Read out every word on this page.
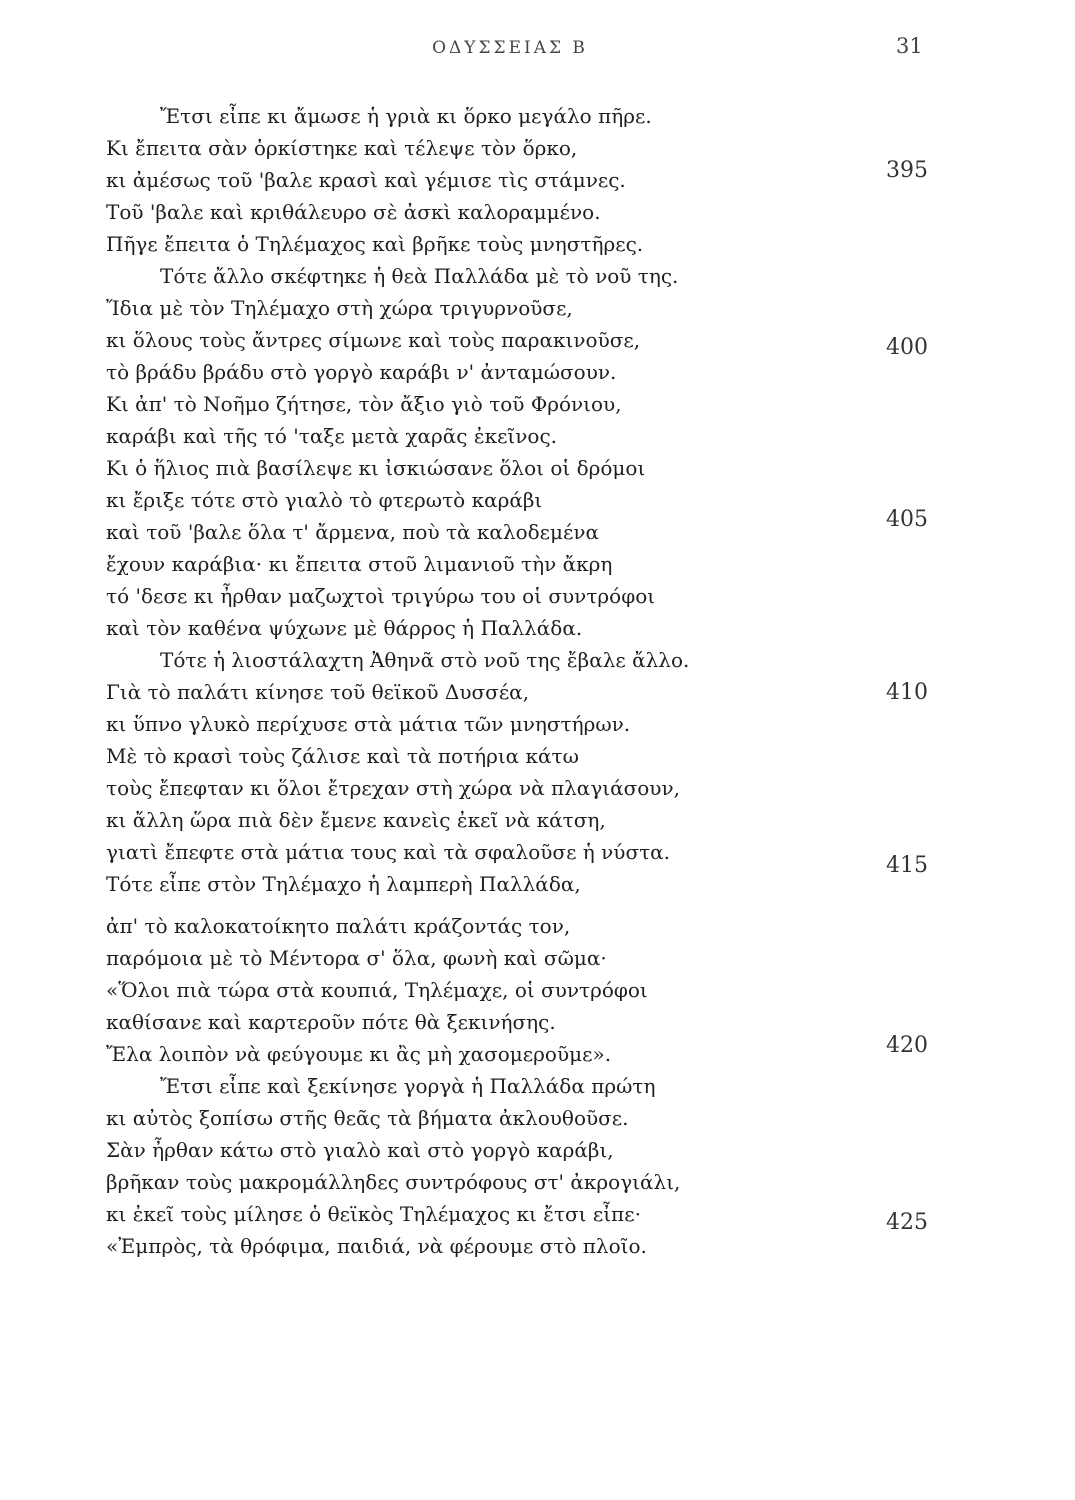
ΟΔΥΣΣΕΙΑΣ Β	31
Ἔτσι εἶπε κι ἄμωσε ἡ γριὰ κι ὅρκο μεγάλο πῆρε.
Κι ἔπειτα σὰν ὁρκίστηκε καὶ τέλεψε τὸν ὅρκο,
κι ἀμέσως τοῦ 'βαλε κρασὶ καὶ γέμισε τὶς στάμνες.
Τοῦ 'βαλε καὶ κριθάλευρο σὲ ἀσκὶ καλοραμμένο.
Πῆγε ἔπειτα ὁ Τηλέμαχος καὶ βρῆκε τοὺς μνηστῆρες.
Τότε ἄλλο σκέφτηκε ἡ θεὰ Παλλάδα μὲ τὸ νοῦ της.
Ἴδια μὲ τὸν Τηλέμαχο στὴ χώρα τριγυρνοῦσε,
κι ὅλους τοὺς ἄντρες σίμωνε καὶ τοὺς παρακινοῦσε,
τὸ βράδυ βράδυ στὸ γοργὸ καράβι ν' ἀνταμώσουν.
Κι ἀπ' τὸ Νοῆμο ζήτησε, τὸν ἄξιο γιὸ τοῦ Φρόνιου,
καράβι καὶ τῆς τό 'ταξε μετὰ χαρᾶς ἐκεῖνος.
Κι ὁ ἥλιος πιὰ βασίλεψε κι ἰσκιώσανε ὅλοι οἱ δρόμοι
κι ἔριξε τότε στὸ γιαλὸ τὸ φτερωτὸ καράβι
καὶ τοῦ 'βαλε ὅλα τ' ἄρμενα, ποὺ τὰ καλοδεμένα
ἔχουν καράβια· κι ἔπειτα στοῦ λιμανιοῦ τὴν ἄκρη
τό 'δεσε κι ἦρθαν μαζωχτοὶ τριγύρω του οἱ συντρόφοι
καὶ τὸν καθένα ψύχωνε μὲ θάρρος ἡ Παλλάδα.
Τότε ἡ λιοστάλαχτη Ἀθηνᾶ στὸ νοῦ της ἔβαλε ἄλλο.
Γιὰ τὸ παλάτι κίνησε τοῦ θεϊκοῦ Δυσσέα,
κι ὕπνο γλυκὸ περίχυσε στὰ μάτια τῶν μνηστήρων.
Μὲ τὸ κρασὶ τοὺς ζάλισε καὶ τὰ ποτήρια κάτω
τοὺς ἔπεφταν κι ὅλοι ἔτρεχαν στὴ χώρα νὰ πλαγιάσουν,
κι ἄλλη ὥρα πιὰ δὲν ἔμενε κανεὶς ἐκεῖ νὰ κάτση,
γιατὶ ἔπεφτε στὰ μάτια τους καὶ τὰ σφαλοῦσε ἡ νύστα.
Τότε εἶπε στὸν Τηλέμαχο ἡ λαμπερὴ Παλλάδα,
ἀπ' τὸ καλοκατοίκητο παλάτι κράζοντάς τον,
παρόμοια μὲ τὸ Μέντορα σ' ὅλα, φωνὴ καὶ σῶμα·
«Ὅλοι πιὰ τώρα στὰ κουπιά, Τηλέμαχε, οἱ συντρόφοι
καθίσανε καὶ καρτεροῦν πότε θὰ ξεκινήσης.
Ἔλα λοιπὸν νὰ φεύγουμε κι ἂς μὴ χασομεροῦμε».
Ἔτσι εἶπε καὶ ξεκίνησε γοργὰ ἡ Παλλάδα πρώτη
κι αὐτὸς ξοπίσω στῆς θεᾶς τὰ βήματα ἀκλουθοῦσε.
Σὰν ἦρθαν κάτω στὸ γιαλὸ καὶ στὸ γοργὸ καράβι,
βρῆκαν τοὺς μακρομάλληδες συντρόφους στ' ἀκρογιάλι,
κι ἐκεῖ τοὺς μίλησε ὁ θεϊκὸς Τηλέμαχος κι ἔτσι εἶπε·
«Ἐμπρὸς, τὰ θρόφιμα, παιδιά, νὰ φέρουμε στὸ πλοῖο.
395
400
405
410
415
420
425
